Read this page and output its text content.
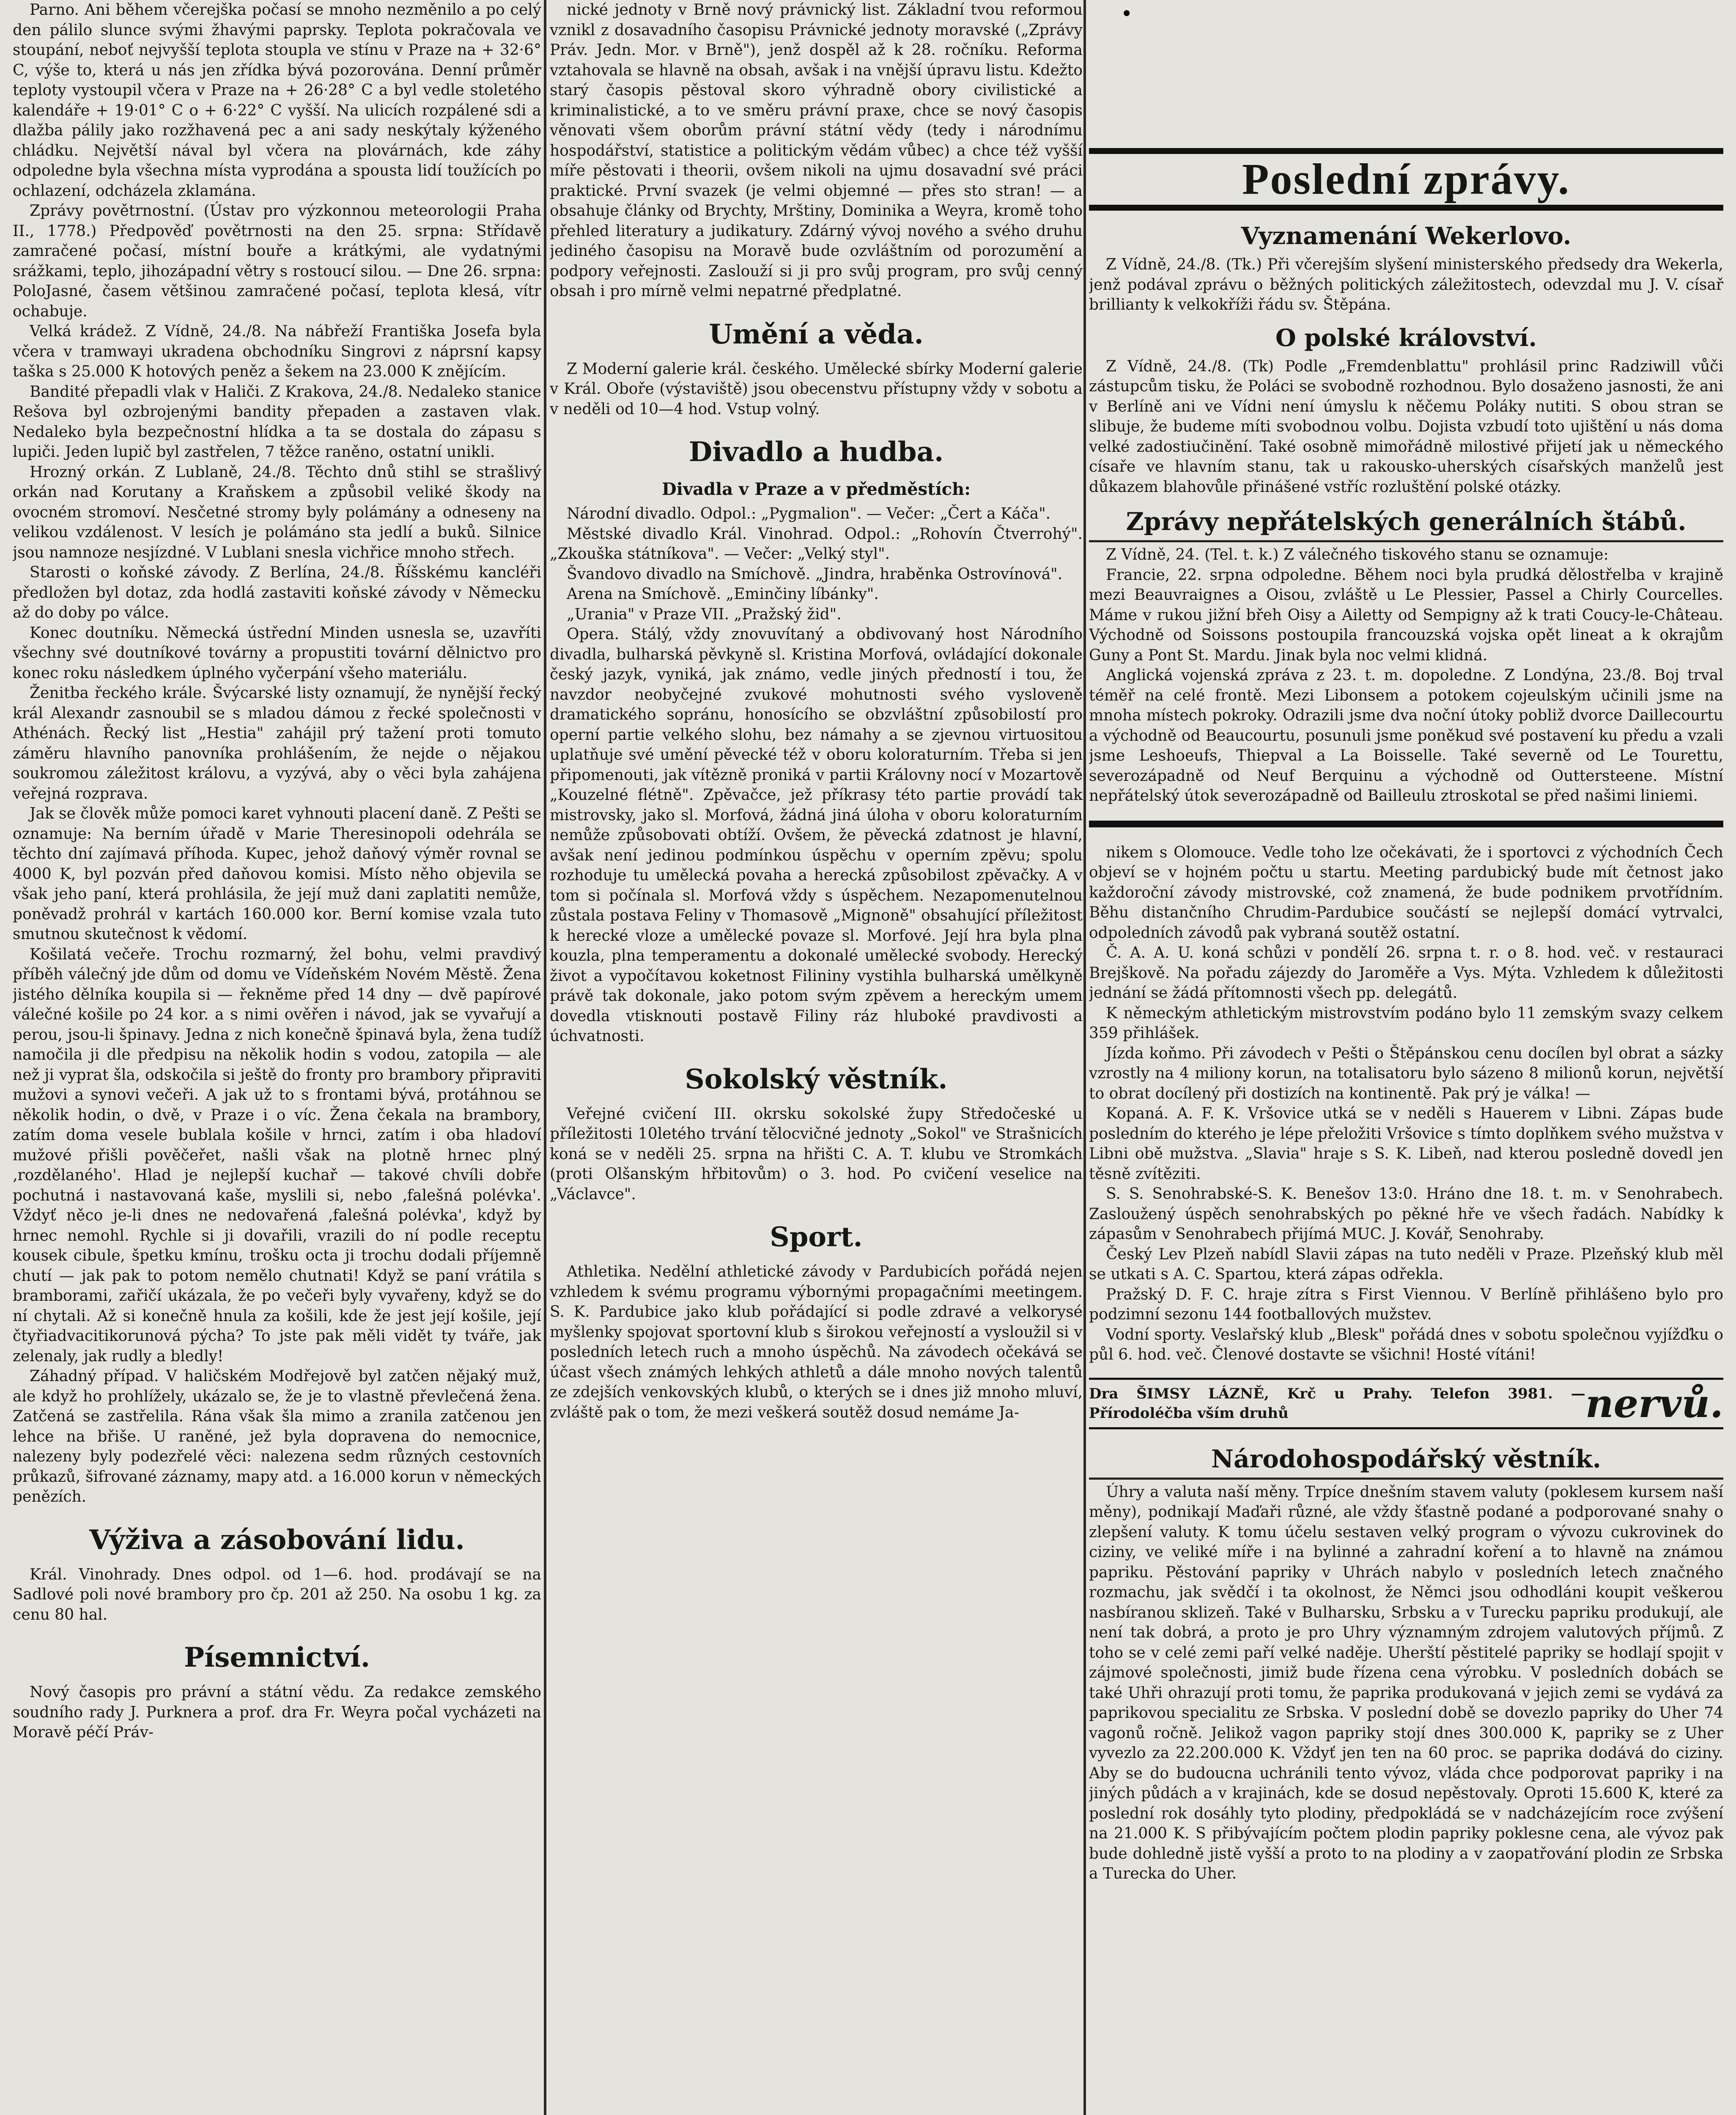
•

Parno. Ani během včerejška počasí se mnoho nezměnilo a po celý den pálilo slunce svými žhavými paprsky. Teplota pokračovala ve stoupání, neboť nejvyšší teplota stoupla ve stínu v Praze na + 32·6° C, výše to, která u nás jen zřídka bývá pozorována. Denní průměr teploty vystoupil včera v Praze na + 26·28° C a byl vedle stoletého kalendáře + 19·01° C o + 6·22° C vyšší. Na ulicích rozpálené sdi a dlažba pálily jako rozžhavená pec a ani sady neskýtaly kýženého chládku. Největší nával byl včera na plovárnách, kde záhy odpoledne byla všechna místa vyprodána a spousta lidí toužících po ochlazení, odcházela zklamána.

Zprávy povětrnostní. (Ústav pro výzkonnou meteorologii Praha II., 1778.) Předpověď povětrnosti na den 25. srpna: Střídavě zamračené počasí, místní bouře a krátkými, ale vydatnými srážkami, teplo, jihozápadní větry s rostoucí silou. — Dne 26. srpna: PoloJasné, časem většinou zamračené počasí, teplota klesá, vítr ochabuje.

Velká krádež. Z Vídně, 24./8. Na nábřeží Františka Josefa byla včera v tramwayi ukradena obchodníku Singrovi z náprsní kapsy taška s 25.000 K hotových peněz a šekem na 23.000 K znějícím.

Bandité přepadli vlak v Haliči. Z Krakova, 24./8. Nedaleko stanice Rešova byl ozbrojenými bandity přepaden a zastaven vlak. Nedaleko byla bezpečnostní hlídka a ta se dostala do zápasu s lupiči. Jeden lupič byl zastřelen, 7 těžce raněno, ostatní unikli.

Hrozný orkán. Z Lublaně, 24./8. Těchto dnů stihl se strašlivý orkán nad Korutany a Kraňskem a způsobil veliké škody na ovocném stromoví. Nesčetné stromy byly polámány a odneseny na velikou vzdálenost. V lesích je polámáno sta jedlí a buků. Silnice jsou namnoze nesjízdné. V Lublani snesla vichřice mnoho střech.

Starosti o koňské závody. Z Berlína, 24./8. Říšskému kancléři předložen byl dotaz, zda hodlá zastaviti koňské závody v Německu až do doby po válce.

Konec doutníku. Německá ústřední Minden usnesla se, uzavříti všechny své doutníkové továrny a propustiti tovární dělnictvo pro konec roku následkem úplného vyčerpání všeho materiálu.

Ženitba řeckého krále. Švýcarské listy oznamují, že nynější řecký král Alexandr zasnoubil se s mladou dámou z řecké společnosti v Athénách. Řecký list „Hestia" zahájil prý tažení proti tomuto záměru hlavního panovníka prohlášením, že nejde o nějakou soukromou záležitost královu, a vyzývá, aby o věci byla zahájena veřejná rozprava.

Jak se člověk může pomoci karet vyhnouti placení daně. Z Pešti se oznamuje: Na berním úřadě v Marie Theresinopoli odehrála se těchto dní zajímavá příhoda. Kupec, jehož daňový výměr rovnal se 4000 K, byl pozván před daňovou komisi. Místo něho objevila se však jeho paní, která prohlásila, že její muž dani zaplatiti nemůže, poněvadž prohrál v kartách 160.000 kor. Berní komise vzala tuto smutnou skutečnost k vědomí.

Košilatá večeře. Trochu rozmarný, žel bohu, velmi pravdivý příběh válečný jde dům od domu ve Vídeňském Novém Městě. Žena jistého dělníka koupila si — řekněme před 14 dny — dvě papírové válečné košile po 24 kor. a s nimi ověřen i návod, jak se vyvařují a perou, jsou-li špinavy. Jedna z nich konečně špinavá byla, žena tudíž namočila ji dle předpisu na několik hodin s vodou, zatopila — ale než ji vyprat šla, odskočila si ještě do fronty pro brambory připraviti mužovi a synovi večeři. A jak už to s frontami bývá, protáhnou se několik hodin, o dvě, v Praze i o víc. Žena čekala na brambory, zatím doma vesele bublala košile v hrnci, zatím i oba hladoví mužové přišli pověčeřet, našli však na plotně hrnec plný ‚rozdělaného'. Hlad je nejlepší kuchař — takové chvíli dobře pochutná i nastavovaná kaše, myslili si, nebo ‚falešná polévka'. Vždyť něco je-li dnes ne nedovařená ‚falešná polévka', když by hrnec nemohl. Rychle si ji dovařili, vrazili do ní podle receptu kousek cibule, špetku kmínu, trošku octa ji trochu dodali příjemně chutí — jak pak to potom nemělo chutnati! Když se paní vrátila s bramborami, zařičí ukázala, že po večeři byly vyvařeny, když se do ní chytali. Až si konečně hnula za košili, kde že jest její košile, její čtyřiadvacitikorunová pýcha? To jste pak měli vidět ty tváře, jak zelenaly, jak rudly a bledly!

Záhadný případ. V haličském Modřejově byl zatčen nějaký muž, ale když ho prohlížely, ukázalo se, že je to vlastně převlečená žena. Zatčená se zastřelila. Rána však šla mimo a zranila zatčenou jen lehce na břiše. U raněné, jež byla dopravena do nemocnice, nalezeny byly podezřelé věci: nalezena sedm různých cestovních průkazů, šifrované záznamy, mapy atd. a 16.000 korun v německých penězích.

Výživa a zásobování lidu.

Král. Vinohrady. Dnes odpol. od 1—6. hod. prodávají se na Sadlové poli nové brambory pro čp. 201 až 250. Na osobu 1 kg. za cenu 80 hal.

Písemnictví.

Nový časopis pro právní a státní vědu. Za redakce zemského soudního rady J. Purknera a prof. dra Fr. Weyra počal vycházeti na Moravě péčí Práv-

nické jednoty v Brně nový právnický list. Základní tvou reformou vznikl z dosavadního časopisu Právnické jednoty moravské („Zprávy Práv. Jedn. Mor. v Brně"), jenž dospěl až k 28. ročníku. Reforma vztahovala se hlavně na obsah, avšak i na vnější úpravu listu. Kdežto starý časopis pěstoval skoro výhradně obory civilistické a kriminalistické, a to ve směru právní praxe, chce se nový časopis věnovati všem oborům právní státní vědy (tedy i národnímu hospodářství, statistice a politickým vědám vůbec) a chce též vyšší míře pěstovati i theorii, ovšem nikoli na ujmu dosavadní své práci praktické. První svazek (je velmi objemné — přes sto stran! — a obsahuje články od Brychty, Mrštiny, Dominika a Weyra, kromě toho přehled literatury a judikatury. Zdárný vývoj nového a svého druhu jediného časopisu na Moravě bude ozvláštním od porozumění a podpory veřejnosti. Zaslouží si ji pro svůj program, pro svůj cenný obsah i pro mírně velmi nepatrné předplatné.

Umění a věda.

Z Moderní galerie král. českého. Umělecké sbírky Moderní galerie v Král. Oboře (výstaviště) jsou obecenstvu přístupny vždy v sobotu a v neděli od 10—4 hod. Vstup volný.

Divadlo a hudba.
Divadla v Praze a v předměstích:

Národní divadlo. Odpol.: „Pygmalion". — Večer: „Čert a Káča".

Městské divadlo Král. Vinohrad. Odpol.: „Rohovín Čtverrohý". „Zkouška státníkova". — Večer: „Velký styl".

Švandovo divadlo na Smíchově. „Jindra, hraběnka Ostrovínová".

Arena na Smíchově. „Eminčiny líbánky".

„Urania" v Praze VII. „Pražský žid".

Opera. Stálý, vždy znovuvítaný a obdivovaný host Národního divadla, bulharská pěvkyně sl. Kristina Morfová, ovládající dokonale český jazyk, vyniká, jak známo, vedle jiných předností i tou, že navzdor neobyčejné zvukové mohutnosti svého vysloveně dramatického sopránu, honosícího se obzvláštní způsobilostí pro operní partie velkého slohu, bez námahy a se zjevnou virtuositou uplatňuje své umění pěvecké též v oboru koloraturním. Třeba si jen připomenouti, jak vítězně proniká v partii Královny nocí v Mozartově „Kouzelné flétně". Zpěvačce, jež příkrasy této partie provádí tak mistrovsky, jako sl. Morfová, žádná jiná úloha v oboru koloraturním nemůže způsobovati obtíží. Ovšem, že pěvecká zdatnost je hlavní, avšak není jedinou podmínkou úspěchu v operním zpěvu; spolu rozhoduje tu umělecká povaha a herecká způsobilost zpěvačky. A v tom si počínala sl. Morfová vždy s úspěchem. Nezapomenutelnou zůstala postava Feliny v Thomasově „Mignoně" obsahující příležitost k herecké vloze a umělecké povaze sl. Morfové. Její hra byla plna kouzla, plna temperamentu a dokonalé umělecké svobody. Herecký život a vypočítavou koketnost Filininy vystihla bulharská umělkyně právě tak dokonale, jako potom svým zpěvem a hereckým umem dovedla vtisknouti postavě Filiny ráz hluboké pravdivosti a úchvatnosti.

Sokolský věstník.

Veřejné cvičení III. okrsku sokolské župy Středočeské u příležitosti 10letého trvání tělocvičné jednoty „Sokol" ve Strašnicích koná se v neděli 25. srpna na hřišti C. A. T. klubu ve Stromkách (proti Olšanským hřbitovům) o 3. hod. Po cvičení veselice na „Václavce".

Sport.

Athletika. Nedělní athletické závody v Pardubicích pořádá nejen vzhledem k svému programu výbornými propagačními meetingem. S. K. Pardubice jako klub pořádající si podle zdravé a velkorysé myšlenky spojovat sportovní klub s širokou veřejností a vysloužil si v posledních letech ruch a mnoho úspěchů. Na závodech očekává se účast všech známých lehkých athletů a dále mnoho nových talentů ze zdejších venkovských klubů, o kterých se i dnes již mnoho mluví, zvláště pak o tom, že mezi veškerá soutěž dosud nemáme Ja-

Poslední zprávy.
Vyznamenání Wekerlovo.

Z Vídně, 24./8. (Tk.) Při včerejším slyšení ministerského předsedy dra Wekerla, jenž podával zprávu o běžných politických záležitostech, odevzdal mu J. V. císař brillianty k velkokříži řádu sv. Štěpána.

O polské království.

Z Vídně, 24./8. (Tk) Podle „Fremdenblattu" prohlásil princ Radziwill vůči zástupcům tisku, že Poláci se svobodně rozhodnou. Bylo dosaženo jasnosti, že ani v Berlíně ani ve Vídni není úmyslu k něčemu Poláky nutiti. S obou stran se slibuje, že budeme míti svobodnou volbu. Dojista vzbudí toto ujištění u nás doma velké zadostiučinění. Také osobně mimořádně milostivé přijetí jak u německého císaře ve hlavním stanu, tak u rakousko-uherských císařských manželů jest důkazem blahovůle přinášené vstříc rozluštění polské otázky.

Zprávy nepřátelských generálních štábů.

Z Vídně, 24. (Tel. t. k.) Z válečného tiskového stanu se oznamuje:

Francie, 22. srpna odpoledne. Během noci byla prudká dělostřelba v krajině mezi Beauvraignes a Oisou, zvláště u Le Plessier, Passel a Chirly Courcelles. Máme v rukou jižní břeh Oisy a Ailetty od Sempigny až k trati Coucy-le-Château. Východně od Soissons postoupila francouzská vojska opět lineat a k okrajům Guny a Pont St. Mardu. Jinak byla noc velmi klidná.

Anglická vojenská zpráva z 23. t. m. dopoledne. Z Londýna, 23./8. Boj trval téměř na celé frontě. Mezi Libonsem a potokem cojeulským učinili jsme na mnoha místech pokroky. Odrazili jsme dva noční útoky pobliž dvorce Daillecourtu a východně od Beaucourtu, posunuli jsme poněkud své postavení ku předu a vzali jsme Leshoeufs, Thiepval a La Boisselle. Také severně od Le Tourettu, severozápadně od Neuf Berquinu a východně od Outtersteene. Místní nepřátelský útok severozápadně od Bailleulu ztroskotal se před našimi liniemi.

nikem s Olomouce. Vedle toho lze očekávati, že i sportovci z východních Čech objeví se v hojném počtu u startu. Meeting pardubický bude mít četnost jako každoroční závody mistrovské, což znamená, že bude podnikem prvotřídním. Běhu distančního Chrudim-Pardubice součástí se nejlepší domácí vytrvalci, odpoledních závodů pak vybraná soutěž ostatní.

Č. A. A. U. koná schůzi v pondělí 26. srpna t. r. o 8. hod. več. v restauraci Brejškově. Na pořadu zájezdy do Jaroměře a Vys. Mýta. Vzhledem k důležitosti jednání se žádá přítomnosti všech pp. delegátů.

K německým athletickým mistrovstvím podáno bylo 11 zemským svazy celkem 359 přihlášek.

Jízda koňmo. Při závodech v Pešti o Štěpánskou cenu docílen byl obrat a sázky vzrostly na 4 miliony korun, na totalisatoru bylo sázeno 8 milionů korun, největší to obrat docílený při dostizích na kontinentě. Pak prý je válka! —

Kopaná. A. F. K. Vršovice utká se v neděli s Hauerem v Libni. Zápas bude posledním do kterého je lépe přeložiti Vršovice s tímto doplňkem svého mužstva v Libni obě mužstva. „Slavia" hraje s S. K. Libeň, nad kterou posledně dovedl jen těsně zvítěziti.

S. S. Senohrabské-S. K. Benešov 13:0. Hráno dne 18. t. m. v Senohrabech. Zasloužený úspěch senohrabských po pěkné hře ve všech řadách. Nabídky k zápasům v Senohrabech přijímá MUC. J. Kovář, Senohraby.

Český Lev Plzeň nabídl Slavii zápas na tuto neděli v Praze. Plzeňský klub měl se utkati s A. C. Spartou, která zápas odřekla.

Pražský D. F. C. hraje zítra s First Viennou. V Berlíně přihlášeno bylo pro podzimní sezonu 144 footballových mužstev.

Vodní sporty. Veslařský klub „Blesk" pořádá dnes v sobotu společnou vyjížďku o půl 6. hod. več. Členové dostavte se všichni! Hosté vítáni!

Dra ŠIMSY LÁZNĚ, Krč u Prahy. Telefon 3981. — Přírodoléčba vším druhů	nervů.
Národohospodářský věstník.

Úhry a valuta naší měny. Trpíce dnešním stavem valuty (poklesem kursem naší měny), podnikají Maďaři různé, ale vždy šťastně podané a podporované snahy o zlepšení valuty. K tomu účelu sestaven velký program o vývozu cukrovinek do ciziny, ve veliké míře i na bylinné a zahradní koření a to hlavně na známou papriku. Pěstování papriky v Uhrách nabylo v posledních letech značného rozmachu, jak svědčí i ta okolnost, že Němci jsou odhodláni koupit veškerou nasbíranou sklizeň. Také v Bulharsku, Srbsku a v Turecku papriku produkují, ale není tak dobrá, a proto je pro Uhry významným zdrojem valutových příjmů. Z toho se v celé zemi paří velké naděje. Uherští pěstitelé papriky se hodlají spojit v zájmové společnosti, jimiž bude řízena cena výrobku. V posledních dobách se také Uhři ohrazují proti tomu, že paprika produkovaná v jejich zemi se vydává za paprikovou specialitu ze Srbska. V poslední době se dovezlo papriky do Uher 74 vagonů ročně. Jelikož vagon papriky stojí dnes 300.000 K, papriky se z Uher vyvezlo za 22.200.000 K. Vždyť jen ten na 60 proc. se paprika dodává do ciziny. Aby se do budoucna uchránili tento vývoz, vláda chce podporovat papriky i na jiných půdách a v krajinách, kde se dosud nepěstovaly. Oproti 15.600 K, které za poslední rok dosáhly tyto plodiny, předpokládá se v nadcházejícím roce zvýšení na 21.000 K. S přibývajícím počtem plodin papriky poklesne cena, ale vývoz pak bude dohledně jistě vyšší a proto to na plodiny a v zaopatřování plodin ze Srbska a Turecka do Uher.
